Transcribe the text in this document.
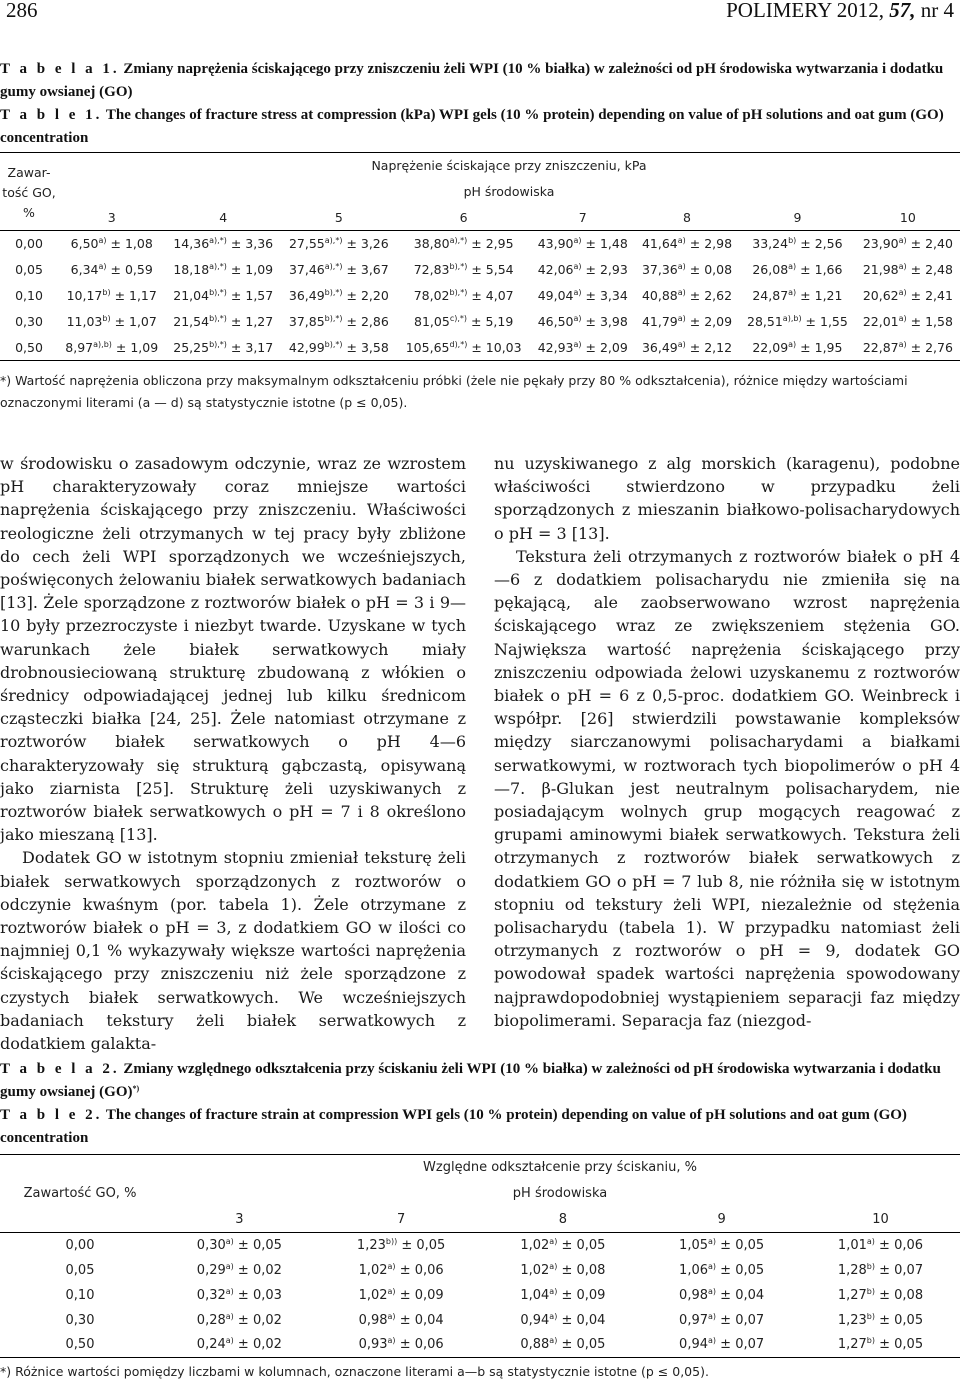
286	POLIMERY 2012, 57, nr 4
T a b e l a 1. Zmiany naprężenia ściskającego przy zniszczeniu żeli WPI (10 % białka) w zależności od pH środowiska wytwarzania i dodatku gumy owsianej (GO)
T a b l e 1. The changes of fracture stress at compression (kPa) WPI gels (10 % protein) depending on value of pH solutions and oat gum (GO) concentration
Zawar- tość GO, %	Naprężenie ściskające przy zniszczeniu, kPa							
	pH środowiska							
	3	4	5	6	7	8	9	10
0,00	$6,50^{a)} \pm 1,08$	$14,36^{a),*)} \pm 3,36$	$27,55^{a),*)} \pm 3,26$	$38,80^{a),*)} \pm 2,95$	$43,90^{a)} \pm 1,48$	$41,64^{a)} \pm 2,98$	$33,24^{b)} \pm 2,56$	$23,90^{a)} \pm 2,40$
0,05	$6,34^{a)} \pm 0,59$	$18,18^{a),*)} \pm 1,09$	$37,46^{a),*)} \pm 3,67$	$72,83^{b),*)} \pm 5,54$	$42,06^{a)} \pm 2,93$	$37,36^{a)} \pm 0,08$	$26,08^{a)} \pm 1,66$	$21,98^{a)} \pm 2,48$
0,10	$10,17^{b)} \pm 1,17$	$21,04^{b),*)} \pm 1,57$	$36,49^{b),*)} \pm 2,20$	$78,02^{b),*)} \pm 4,07$	$49,04^{a)} \pm 3,34$	$40,88^{a)} \pm 2,62$	$24,87^{a)} \pm 1,21$	$20,62^{a)} \pm 2,41$
0,30	$11,03^{b)} \pm 1,07$	$21,54^{b),*)} \pm 1,27$	$37,85^{b),*)} \pm 2,86$	$81,05^{c),*)} \pm 5,19$	$46,50^{a)} \pm 3,98$	$41,79^{a)} \pm 2,09$	$28,51^{a),b)} \pm 1,55$	$22,01^{a)} \pm 1,58$
0,50	$8,97^{a),b)} \pm 1,09$	$25,25^{b),*)} \pm 3,17$	$42,99^{b),*)} \pm 3,58$	$105,65^{d),*)} \pm 10,03$	$42,93^{a)} \pm 2,09$	$36,49^{a)} \pm 2,12$	$22,09^{a)} \pm 1,95$	$22,87^{a)} \pm 2,76$
*) Wartość naprężenia obliczona przy maksymalnym odkształceniu próbki (żele nie pękały przy 80 % odkształcenia), różnice między wartościami oznaczonymi literami (a — d) są statystycznie istotne (p ≤ 0,05).

w środowisku o zasadowym odczynie, wraz ze wzrostem pH charakteryzowały coraz mniejsze wartości naprężenia ściskającego przy zniszczeniu. Właściwości reologiczne żeli otrzymanych w tej pracy były zbliżone do cech żeli WPI sporządzonych we wcześniejszych, poświęconych żelowaniu białek serwatkowych badaniach [13]. Żele sporządzone z roztworów białek o pH = 3 i 9—10 były przezroczyste i niezbyt twarde. Uzyskane w tych warunkach żele białek serwatkowych miały drobnousieciowaną strukturę zbudowaną z włókien o średnicy odpowiadającej jednej lub kilku średnicom cząsteczki białka [24, 25]. Żele natomiast otrzymane z roztworów białek serwatkowych o pH 4—6 charakteryzowały się strukturą gąbczastą, opisywaną jako ziarnista [25]. Strukturę żeli uzyskiwanych z roztworów białek serwatkowych o pH = 7 i 8 określono jako mieszaną [13].

Dodatek GO w istotnym stopniu zmieniał teksturę żeli białek serwatkowych sporządzonych z roztworów o odczynie kwaśnym (por. tabela 1). Żele otrzymane z roztworów białek o pH = 3, z dodatkiem GO w ilości co najmniej 0,1 % wykazywały większe wartości naprężenia ściskającego przy zniszczeniu niż żele sporządzone z czystych białek serwatkowych. We wcześniejszych badaniach tekstury żeli białek serwatkowych z dodatkiem galakta-

nu uzyskiwanego z alg morskich (karagenu), podobne właściwości stwierdzono w przypadku żeli sporządzonych z mieszanin białkowo-polisacharydowych o pH = 3 [13].

Tekstura żeli otrzymanych z roztworów białek o pH 4—6 z dodatkiem polisacharydu nie zmieniła się na pękającą, ale zaobserwowano wzrost naprężenia ściskającego wraz ze zwiększeniem stężenia GO. Największa wartość naprężenia ściskającego przy zniszczeniu odpowiada żelowi uzyskanemu z roztworów białek o pH = 6 z 0,5-proc. dodatkiem GO. Weinbreck i współpr. [26] stwierdzili powstawanie kompleksów między siarczanowymi polisacharydami a białkami serwatkowymi, w roztworach tych biopolimerów o pH 4—7. β-Glukan jest neutralnym polisacharydem, nie posiadającym wolnych grup mogących reagować z grupami aminowymi białek serwatkowych. Tekstura żeli otrzymanych z roztworów białek serwatkowych z dodatkiem GO o pH = 7 lub 8, nie różniła się w istotnym stopniu od tekstury żeli WPI, niezależnie od stężenia polisacharydu (tabela 1). W przypadku natomiast żeli otrzymanych z roztworów o pH = 9, dodatek GO powodował spadek wartości naprężenia spowodowany najprawdopodobniej wystąpieniem separacji faz między biopolimerami. Separacja faz (niezgod-

T a b e l a 2. Zmiany względnego odkształcenia przy ściskaniu żeli WPI (10 % białka) w zależności od pH środowiska wytwarzania i dodatku gumy owsianej (GO)*)
T a b l e 2. The changes of fracture strain at compression WPI gels (10 % protein) depending on value of pH solutions and oat gum (GO) concentration
Zawartość GO, %	Względne odkształcenie przy ściskaniu, %				
	pH środowiska				
	3	7	8	9	10
0,00	$0,30^{a)} \pm 0,05$	$1,23^{b))} \pm 0,05$	$1,02^{a)} \pm 0,05$	$1,05^{a)} \pm 0,05$	$1,01^{a)} \pm 0,06$
0,05	$0,29^{a)} \pm 0,02$	$1,02^{a)} \pm 0,06$	$1,02^{a)} \pm 0,08$	$1,06^{a)} \pm 0,05$	$1,28^{b)} \pm 0,07$
0,10	$0,32^{a)} \pm 0,03$	$1,02^{a)} \pm 0,09$	$1,04^{a)} \pm 0,09$	$0,98^{a)} \pm 0,04$	$1,27^{b)} \pm 0,08$
0,30	$0,28^{a)} \pm 0,02$	$0,98^{a)} \pm 0,04$	$0,94^{a)} \pm 0,04$	$0,97^{a)} \pm 0,07$	$1,23^{b)} \pm 0,05$
0,50	$0,24^{a)} \pm 0,02$	$0,93^{a)} \pm 0,06$	$0,88^{a)} \pm 0,05$	$0,94^{a)} \pm 0,07$	$1,27^{b)} \pm 0,05$
*) Różnice wartości pomiędzy liczbami w kolumnach, oznaczone literami a—b są statystycznie istotne (p ≤ 0,05).
